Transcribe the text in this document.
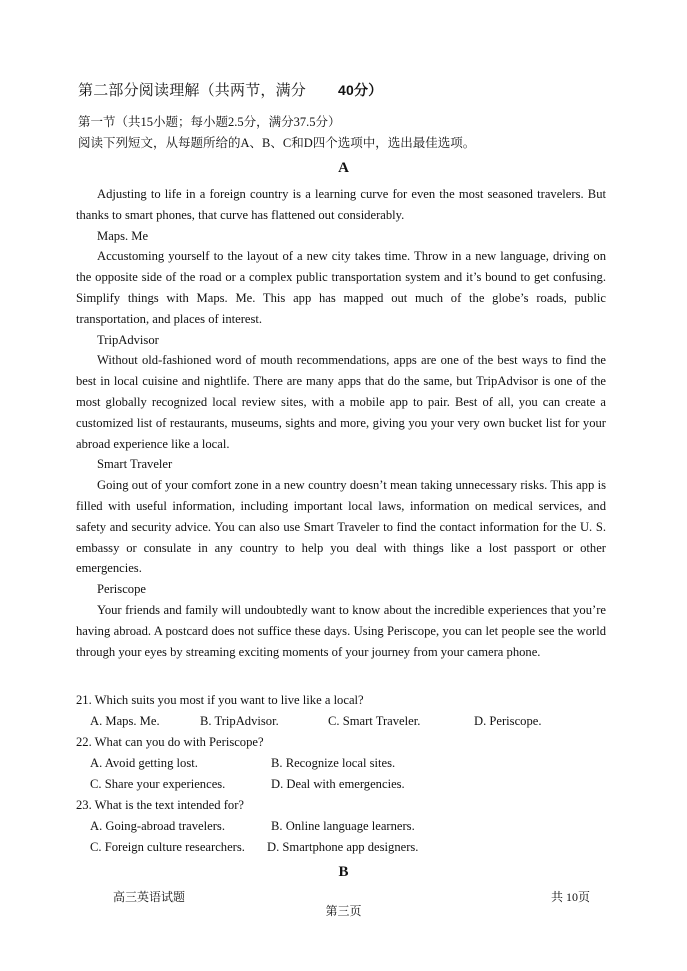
第二部分阅读理解（共两节，满分 40分）
第一节（共15小题；每小题2.5分，满分37.5分）
阅读下列短文，从每题所给的A、B、C和D四个选项中，选出最佳选项。
A

Adjusting to life in a foreign country is a learning curve for even the most seasoned travelers. But thanks to smart phones, that curve has flattened out considerably.

Maps. Me

Accustoming yourself to the layout of a new city takes time. Throw in a new language, driving on the opposite side of the road or a complex public transportation system and it’s bound to get confusing. Simplify things with Maps. Me. This app has mapped out much of the globe’s roads, public transportation, and places of interest.

TripAdvisor

Without old-fashioned word of mouth recommendations, apps are one of the best ways to find the best in local cuisine and nightlife. There are many apps that do the same, but TripAdvisor is one of the most globally recognized local review sites, with a mobile app to pair. Best of all, you can create a customized list of restaurants, museums, sights and more, giving you your very own bucket list for your abroad experience like a local.

Smart Traveler

Going out of your comfort zone in a new country doesn’t mean taking unnecessary risks. This app is filled with useful information, including important local laws, information on medical services, and safety and security advice. You can also use Smart Traveler to find the contact information for the U. S. embassy or consulate in any country to help you deal with things like a lost passport or other emergencies.

Periscope

Your friends and family will undoubtedly want to know about the incredible experiences that you’re having abroad. A postcard does not suffice these days. Using Periscope, you can let people see the world through your eyes by streaming exciting moments of your journey from your camera phone.

21. Which suits you most if you want to live like a local?

A. Maps. Me.	B. TripAdvisor.	C. Smart Traveler.	D. Periscope.

22. What can you do with Periscope?

A. Avoid getting lost.	B. Recognize local sites.
C. Share your experiences.	D. Deal with emergencies.

23. What is the text intended for?

A. Going-abroad travelers.	B. Online language learners.
C. Foreign culture researchers. D. Smartphone app designers.
B
高三英语试题	共 10页
第三页
